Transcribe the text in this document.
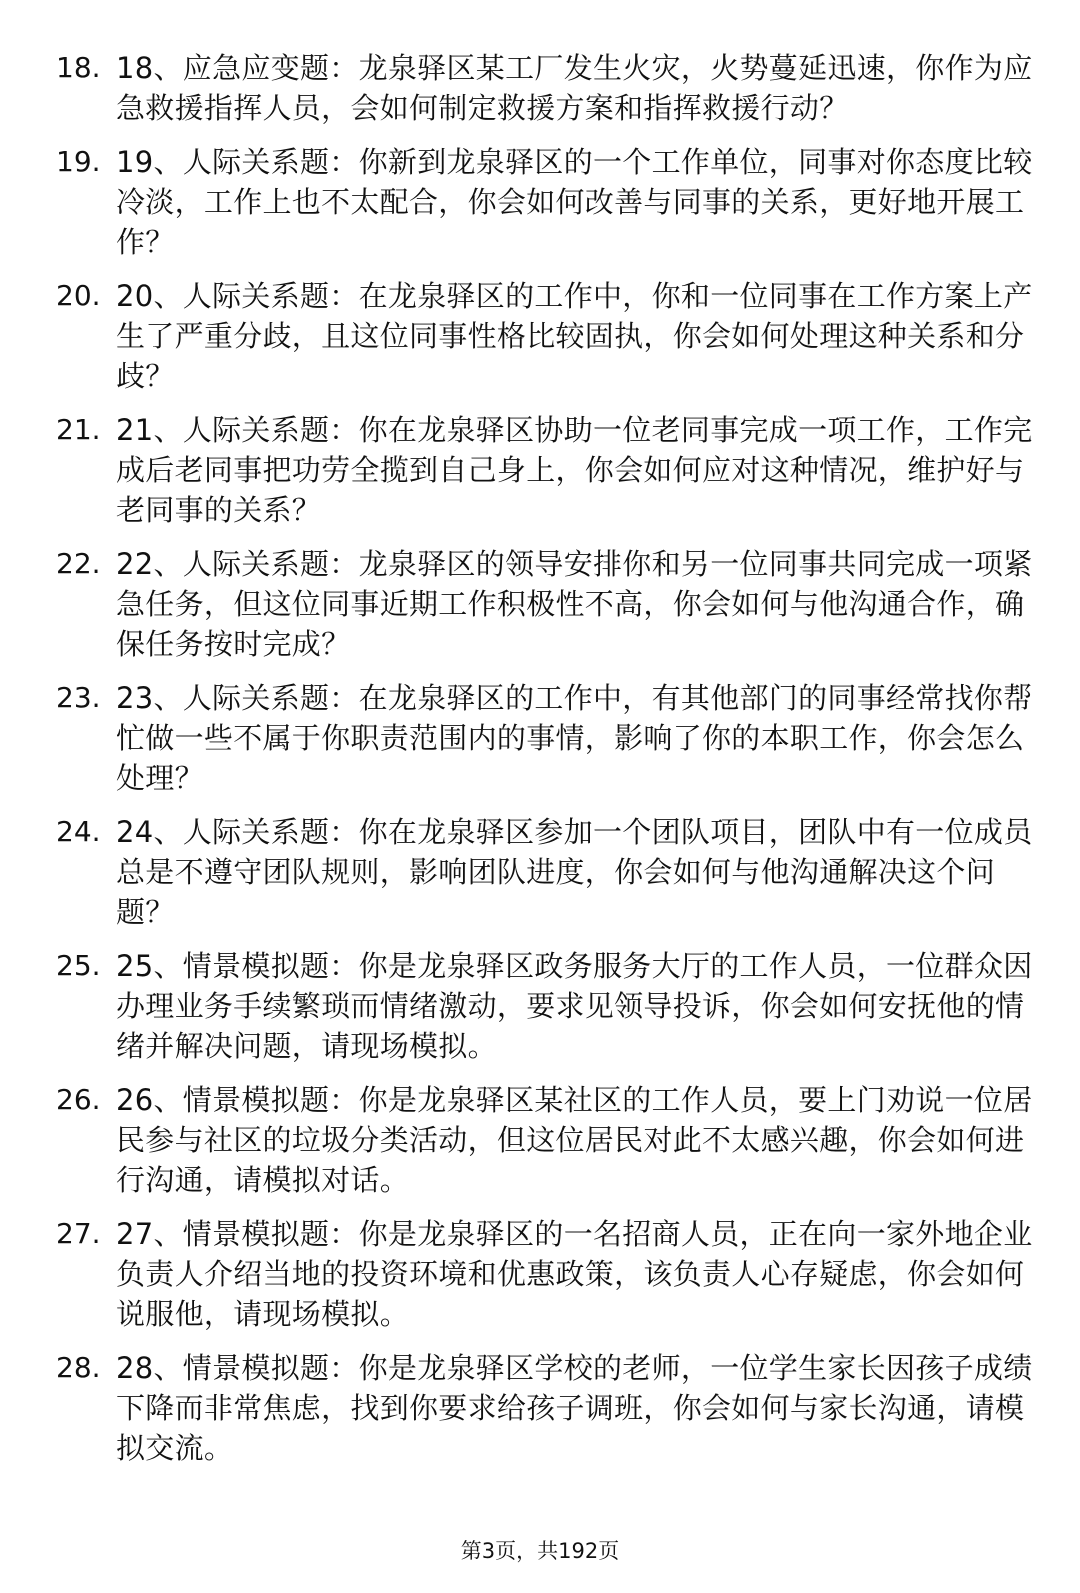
18. 18、应急应变题：龙泉驿区某工厂发生火灾，火势蔓延迅速，你作为应急救援指挥人员，会如何制定救援方案和指挥救援行动？
19. 19、人际关系题：你新到龙泉驿区的一个工作单位，同事对你态度比较冷淡，工作上也不太配合，你会如何改善与同事的关系，更好地开展工作？
20. 20、人际关系题：在龙泉驿区的工作中，你和一位同事在工作方案上产生了严重分歧，且这位同事性格比较固执，你会如何处理这种关系和分歧？
21. 21、人际关系题：你在龙泉驿区协助一位老同事完成一项工作，工作完成后老同事把功劳全揽到自己身上，你会如何应对这种情况，维护好与老同事的关系？
22. 22、人际关系题：龙泉驿区的领导安排你和另一位同事共同完成一项紧急任务，但这位同事近期工作积极性不高，你会如何与他沟通合作，确保任务按时完成？
23. 23、人际关系题：在龙泉驿区的工作中，有其他部门的同事经常找你帮忙做一些不属于你职责范围内的事情，影响了你的本职工作，你会怎么处理？
24. 24、人际关系题：你在龙泉驿区参加一个团队项目，团队中有一位成员总是不遵守团队规则，影响团队进度，你会如何与他沟通解决这个问题？
25. 25、情景模拟题：你是龙泉驿区政务服务大厅的工作人员，一位群众因办理业务手续繁琐而情绪激动，要求见领导投诉，你会如何安抚他的情绪并解决问题，请现场模拟。
26. 26、情景模拟题：你是龙泉驿区某社区的工作人员，要上门劝说一位居民参与社区的垃圾分类活动，但这位居民对此不太感兴趣，你会如何进行沟通，请模拟对话。
27. 27、情景模拟题：你是龙泉驿区的一名招商人员，正在向一家外地企业负责人介绍当地的投资环境和优惠政策，该负责人心存疑虑，你会如何说服他，请现场模拟。
28. 28、情景模拟题：你是龙泉驿区学校的老师，一位学生家长因孩子成绩下降而非常焦虑，找到你要求给孩子调班，你会如何与家长沟通，请模拟交流。
第3页，共192页
